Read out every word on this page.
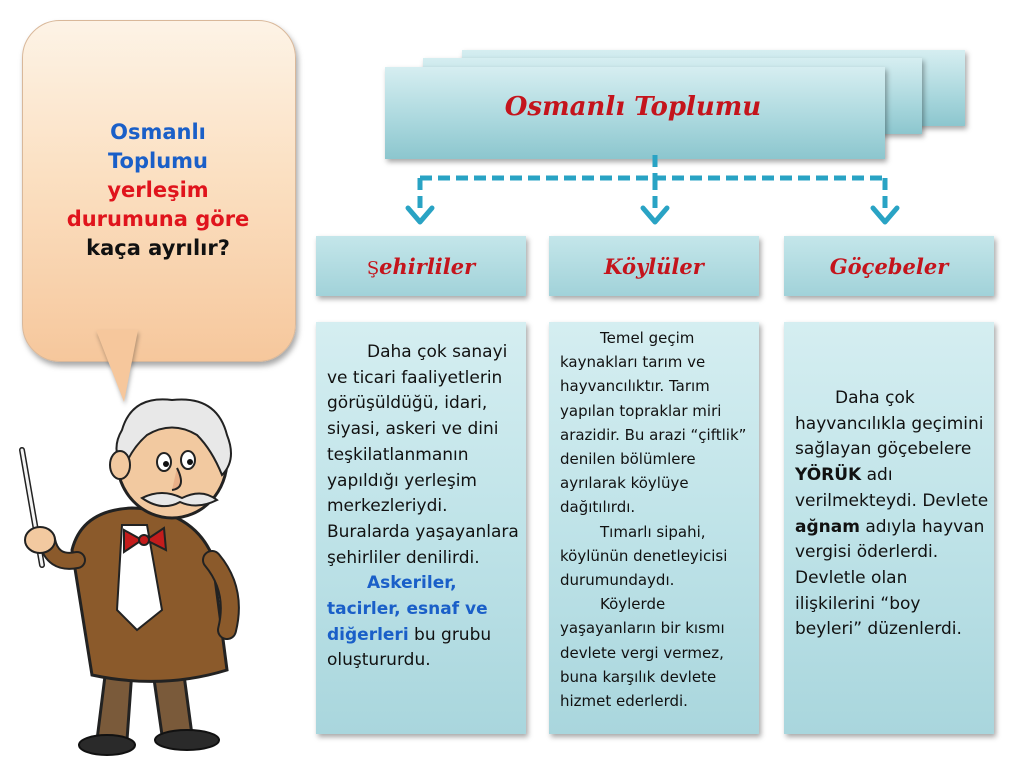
Osmanlı
Toplumu
yerleşim
durumuna göre
kaça ayrılır?
Osmanlı Toplumu
Şehirliler	Köylüler	Göçebeler
Daha çok sanayi ve ticari faaliyetlerin görüşüldüğü, idari, siyasi, askeri ve dini teşkilatlanmanın yapıldığı yerleşim merkezleriydi. Buralarda yaşayanlara şehirliler denilirdi.
Askeriler, tacirler, esnaf ve diğerleri bu grubu oluştururdu.
Temel geçim kaynakları tarım ve hayvancılıktır. Tarım yapılan topraklar miri arazidir. Bu arazi “çiftlik” denilen bölümlere ayrılarak köylüye dağıtılırdı.
Tımarlı sipahi, köylünün denetleyicisi durumundaydı.
Köylerde yaşayanların bir kısmı devlete vergi vermez, buna karşılık devlete hizmet ederlerdi.
Daha çok hayvancılıkla geçimini sağlayan göçebelere YÖRÜK adı verilmekteydi. Devlete ağnam adıyla hayvan vergisi öderlerdi. Devletle olan ilişkilerini “boy beyleri” düzenlerdi.
